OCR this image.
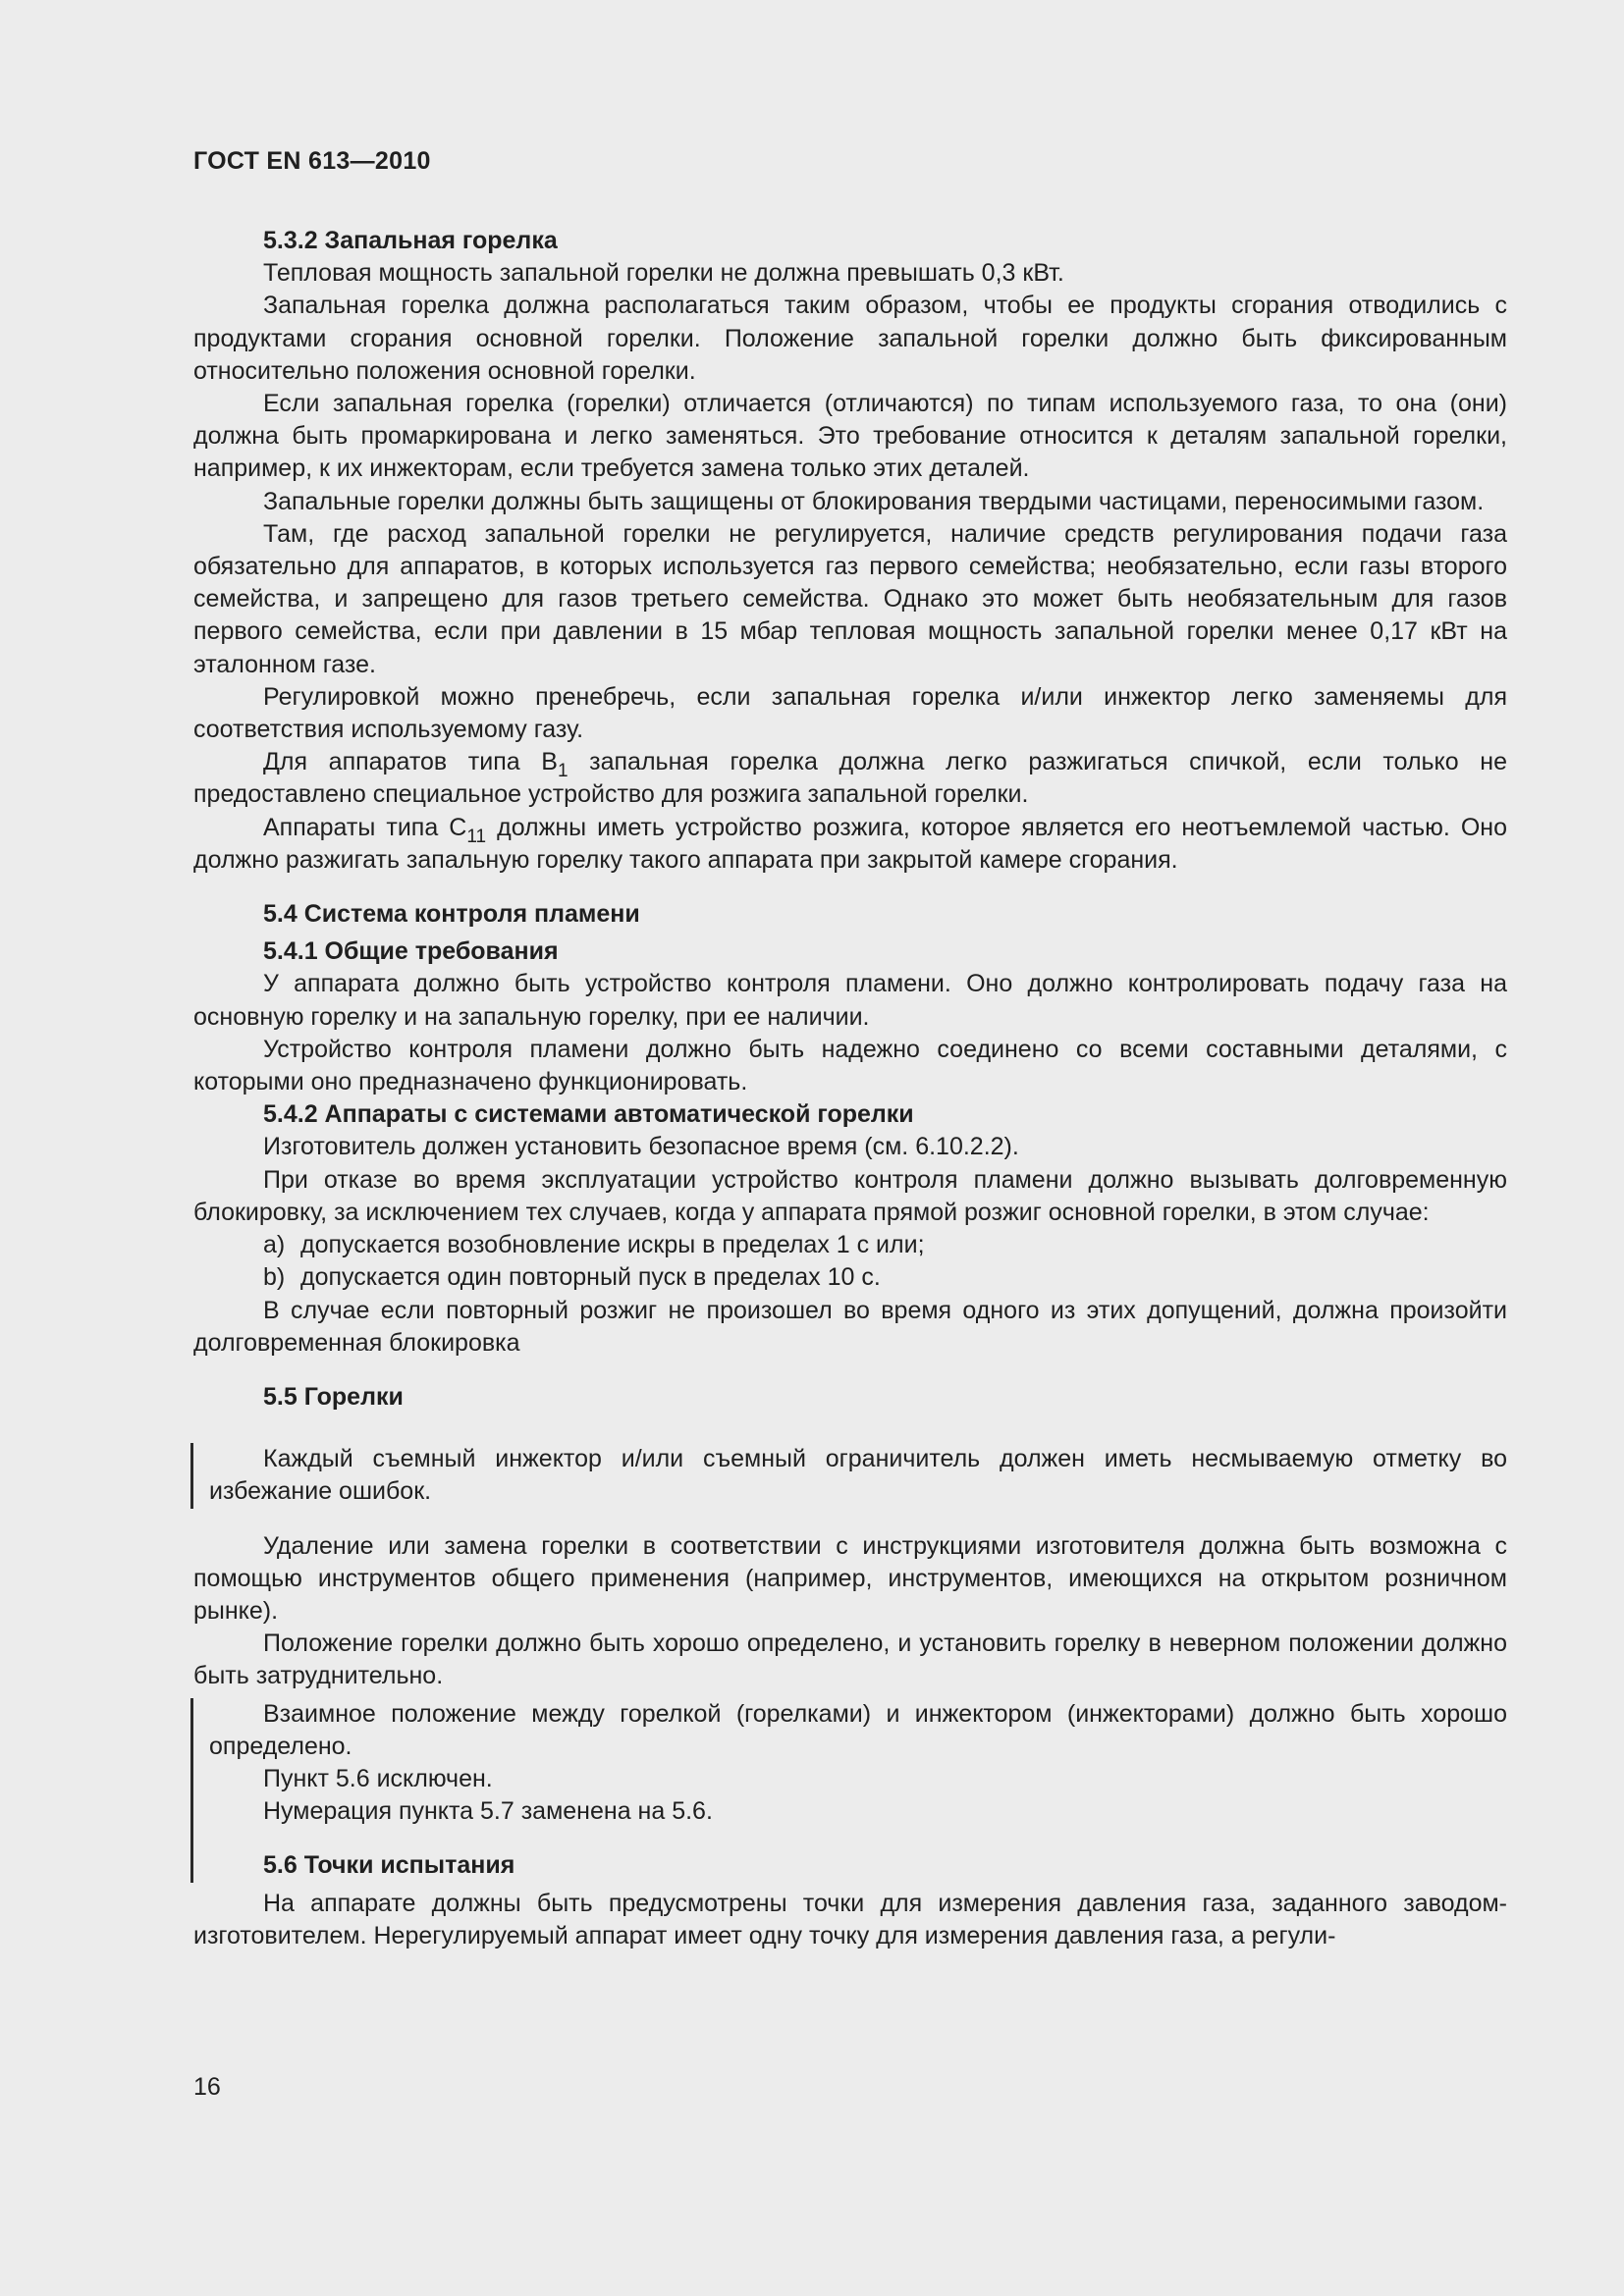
ГОСТ EN 613—2010

5.3.2 Запальная горелка

Тепловая мощность запальной горелки не должна превышать 0,3 кВт.

Запальная горелка должна располагаться таким образом, чтобы ее продукты сгорания отводились с продуктами сгорания основной горелки. Положение запальной горелки должно быть фиксированным относительно положения основной горелки.

Если запальная горелка (горелки) отличается (отличаются) по типам используемого газа, то она (они) должна быть промаркирована и легко заменяться. Это требование относится к деталям запальной горелки, например, к их инжекторам, если требуется замена только этих деталей.

Запальные горелки должны быть защищены от блокирования твердыми частицами, переносимыми газом.

Там, где расход запальной горелки не регулируется, наличие средств регулирования подачи газа обязательно для аппаратов, в которых используется газ первого семейства; необязательно, если газы второго семейства, и запрещено для газов третьего семейства. Однако это может быть необязательным для газов первого семейства, если при давлении в 15 мбар тепловая мощность запальной горелки менее 0,17 кВт на эталонном газе.

Регулировкой можно пренебречь, если запальная горелка и/или инжектор легко заменяемы для соответствия используемому газу.

Для аппаратов типа $В_1$ запальная горелка должна легко разжигаться спичкой, если только не предоставлено специальное устройство для розжига запальной горелки.

Аппараты типа $С_{11}$ должны иметь устройство розжига, которое является его неотъемлемой частью. Оно должно разжигать запальную горелку такого аппарата при закрытой камере сгорания.

5.4 Система контроля пламени

5.4.1 Общие требования

У аппарата должно быть устройство контроля пламени. Оно должно контролировать подачу газа на основную горелку и на запальную горелку, при ее наличии.

Устройство контроля пламени должно быть надежно соединено со всеми составными деталями, с которыми оно предназначено функционировать.

5.4.2 Аппараты с системами автоматической горелки

Изготовитель должен установить безопасное время (см. 6.10.2.2).

При отказе во время эксплуатации устройство контроля пламени должно вызывать долговременную блокировку, за исключением тех случаев, когда у аппарата прямой розжиг основной горелки, в этом случае:

a) допускается возобновление искры в пределах 1 с или;

b) допускается один повторный пуск в пределах 10 с.

В случае если повторный розжиг не произошел во время одного из этих допущений, должна произойти долговременная блокировка

5.5 Горелки

Каждый съемный инжектор и/или съемный ограничитель должен иметь несмываемую отметку во избежание ошибок.

Удаление или замена горелки в соответствии с инструкциями изготовителя должна быть возможна с помощью инструментов общего применения (например, инструментов, имеющихся на открытом розничном рынке).

Положение горелки должно быть хорошо определено, и установить горелку в неверном положении должно быть затруднительно.

Взаимное положение между горелкой (горелками) и инжектором (инжекторами) должно быть хорошо определено.

Пункт 5.6 исключен.

Нумерация пункта 5.7 заменена на 5.6.

5.6 Точки испытания

На аппарате должны быть предусмотрены точки для измерения давления газа, заданного заводом-изготовителем. Нерегулируемый аппарат имеет одну точку для измерения давления газа, а регули-

16
